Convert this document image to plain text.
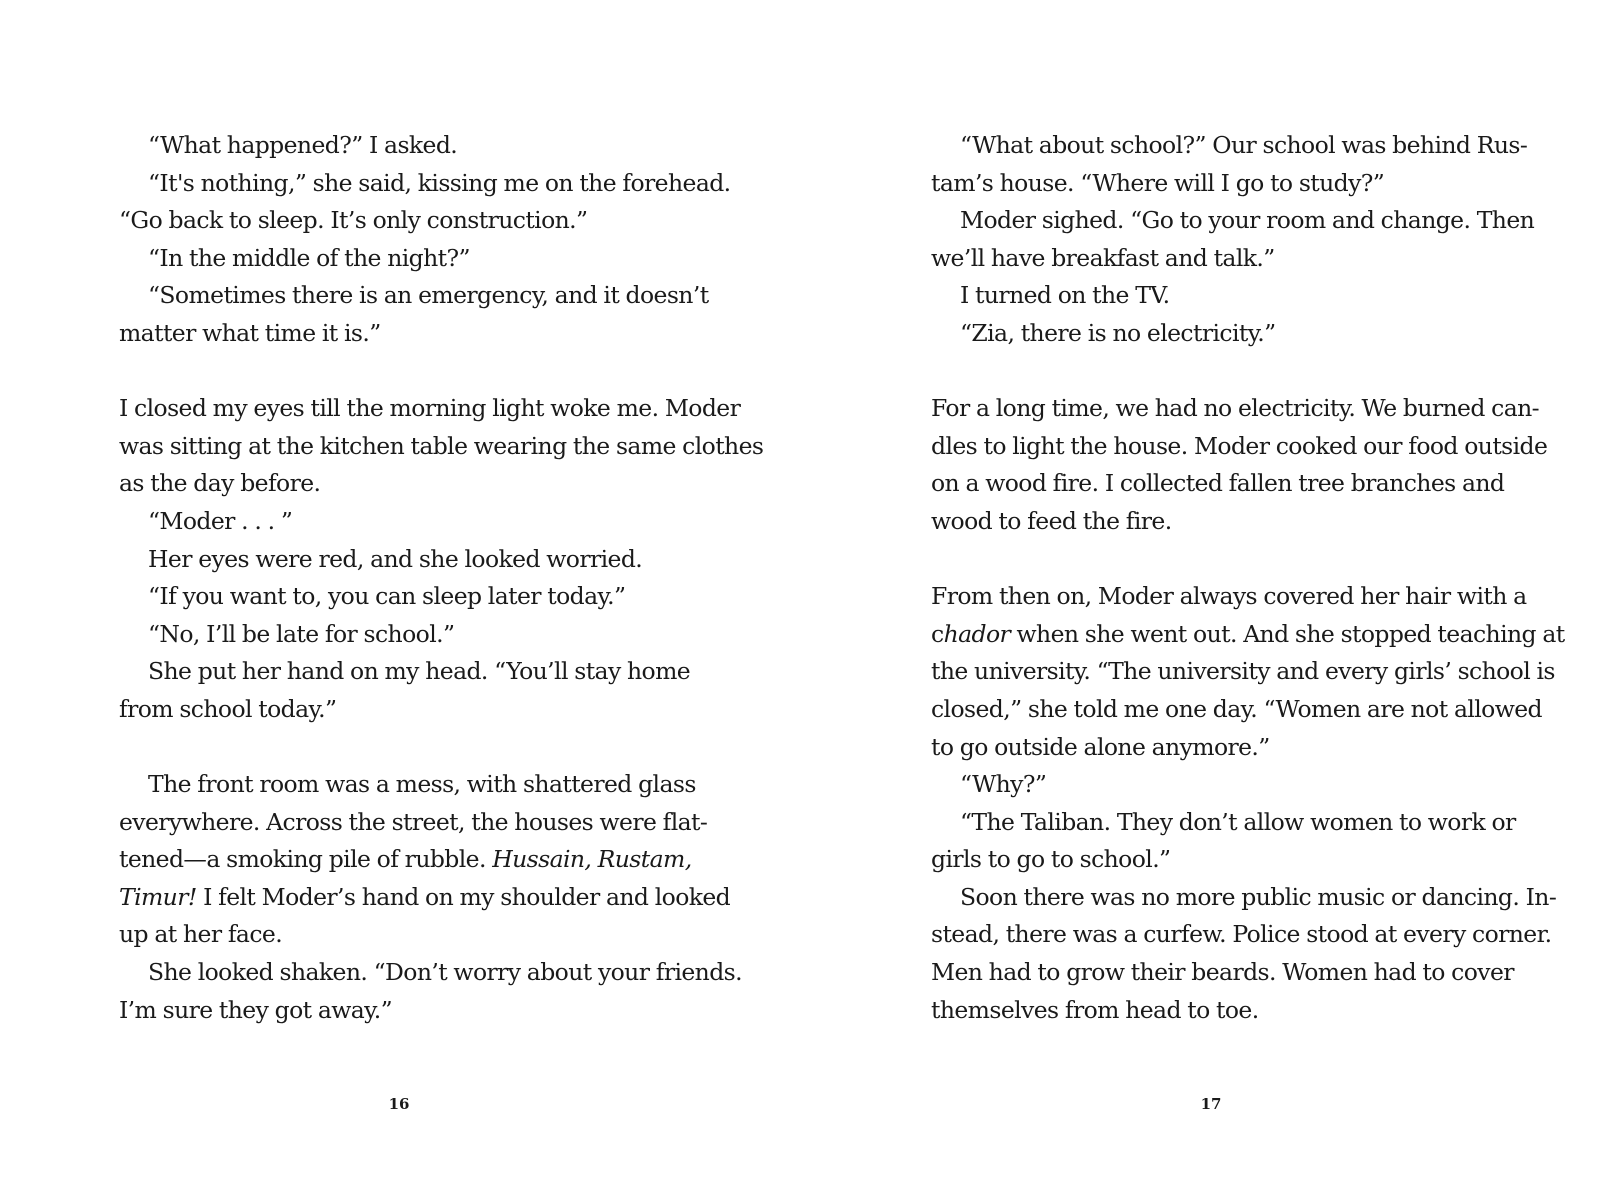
“What happened?” I asked.
“It's nothing,” she said, kissing me on the forehead.
“Go back to sleep. It’s only construction.”
“In the middle of the night?”
“Sometimes there is an emergency, and it doesn’t
matter what time it is.”
I closed my eyes till the morning light woke me. Moder
was sitting at the kitchen table wearing the same clothes
as the day before.
“Moder . . . ”
Her eyes were red, and she looked worried.
“If you want to, you can sleep later today.”
“No, I’ll be late for school.”
She put her hand on my head. “You’ll stay home
from school today.”
The front room was a mess, with shattered glass
everywhere. Across the street, the houses were flat-
tened—a smoking pile of rubble. Hussain, Rustam,
Timur! I felt Moder’s hand on my shoulder and looked
up at her face.
She looked shaken. “Don’t worry about your friends.
I’m sure they got away.”
“What about school?” Our school was behind Rus-
tam’s house. “Where will I go to study?”
Moder sighed. “Go to your room and change. Then
we’ll have breakfast and talk.”
I turned on the TV.
“Zia, there is no electricity.”
For a long time, we had no electricity. We burned can-
dles to light the house. Moder cooked our food outside
on a wood fire. I collected fallen tree branches and
wood to feed the fire.
From then on, Moder always covered her hair with a
chador when she went out. And she stopped teaching at
the university. “The university and every girls’ school is
closed,” she told me one day. “Women are not allowed
to go outside alone anymore.”
“Why?”
“The Taliban. They don’t allow women to work or
girls to go to school.”
Soon there was no more public music or dancing. In-
stead, there was a curfew. Police stood at every corner.
Men had to grow their beards. Women had to cover
themselves from head to toe.
16	17
